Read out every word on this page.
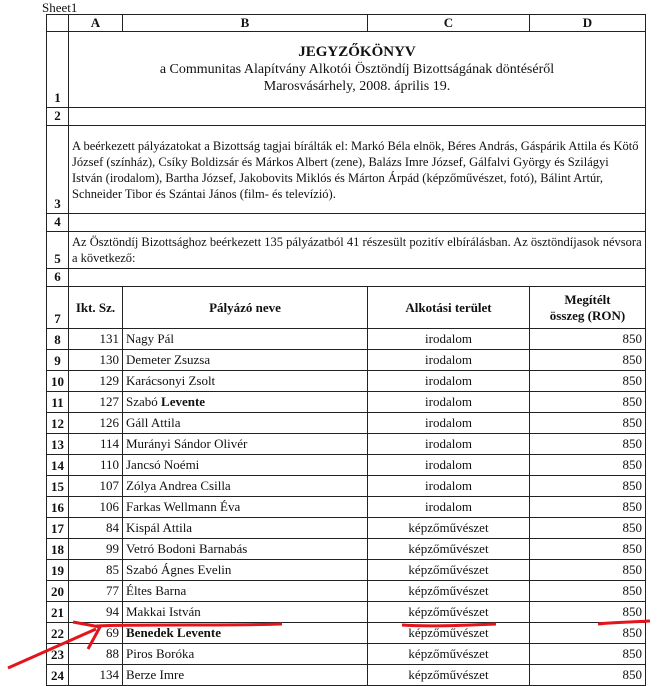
Sheet1
	A	B	C	D
1	JEGYZŐKÖNYV
a Communitas Alapítvány Alkotói Ösztöndíj Bizottságának döntéséről
Marosvásárhely, 2008. április 19.			

2				
3	A beérkezett pályázatokat a Bizottság tagjai bírálták el: Markó Béla elnök, Béres András, Gáspárik Attila és Kötő József (színház), Csíky Boldizsár és Márkos Albert (zene), Balázs Imre József, Gálfalvi György és Szilágyi István (irodalom), Bartha József, Jakobovits Miklós és Márton Árpád (képzőművészet, fotó), Bálint Artúr, Schneider Tibor és Szántai János (film- és televízió).			
4				
5	Az Ösztöndíj Bizottsághoz beérkezett 135 pályázatból 41 részesült pozitív elbírálásban. Az ösztöndíjasok névsora a következő:			
6				
7	Ikt. Sz.	Pályázó neve	Alkotási terület	Megítélt
összeg (RON)

8	131	Nagy Pál	irodalom	850
9	130	Demeter Zsuzsa	irodalom	850
10	129	Karácsonyi Zsolt	irodalom	850
11	127	Szabó Levente	irodalom	850
12	126	Gáll Attila	irodalom	850
13	114	Murányi Sándor Olivér	irodalom	850
14	110	Jancsó Noémi	irodalom	850
15	107	Zólya Andrea Csilla	irodalom	850
16	106	Farkas Wellmann Éva	irodalom	850
17	84	Kispál Attila	képzőművészet	850
18	99	Vetró Bodoni Barnabás	képzőművészet	850
19	85	Szabó Ágnes Evelin	képzőművészet	850
20	77	Éltes Barna	képzőművészet	850
21	94	Makkai István	képzőművészet	850
22	69	Benedek Levente	képzőművészet	850
23	88	Piros Boróka	képzőművészet	850
24	134	Berze Imre	képzőművészet	850
